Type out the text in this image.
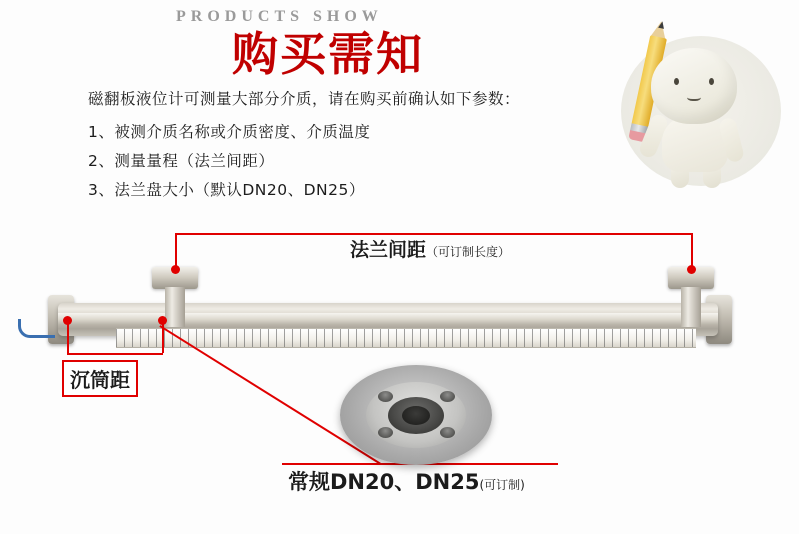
PRODUCTS SHOW
购买需知
磁翻板液位计可测量大部分介质，请在购买前确认如下参数：
1、被测介质名称或介质密度、介质温度
2、测量量程（法兰间距）
3、法兰盘大小（默认DN20、DN25）
法兰间距（可订制长度）
沉筒距
常规DN20、DN25(可订制)
